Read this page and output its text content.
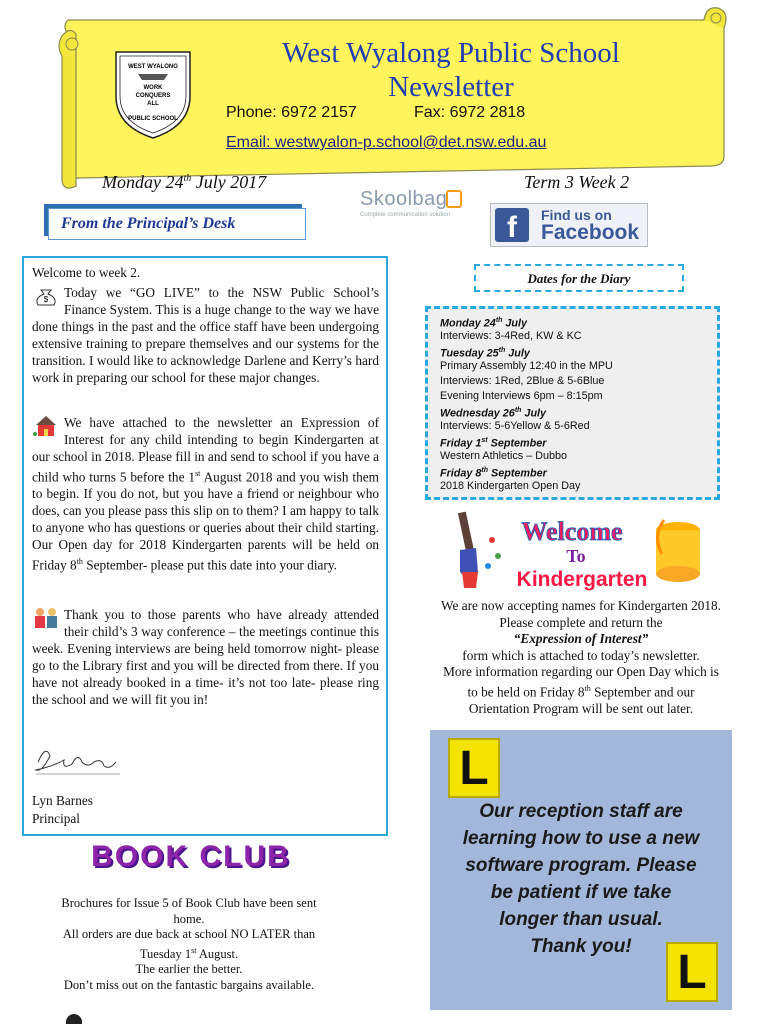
West Wyalong Public School Newsletter
Phone: 6972 2157	Fax: 6972 2818
Email: westwyalon-p.school@det.nsw.edu.au
WEST WYALONG
WORK
CONQUERS
ALL
PUBLIC SCHOOL
Monday 24th July 2017	Term 3 Week 2
Skoolbag
Complete communication solution	f	Find us on
Facebook
From the Principal’s Desk
Welcome to week 2.
$ Today we “GO LIVE” to the NSW Public School’s Finance System. This is a huge change to the way we have done things in the past and the office staff have been undergoing extensive training to prepare themselves and our systems for the transition. I would like to acknowledge Darlene and Kerry’s hard work in preparing our school for these major changes.
We have attached to the newsletter an Expression of Interest for any child intending to begin Kindergarten at our school in 2018. Please fill in and send to school if you have a child who turns 5 before the 1st August 2018 and you wish them to begin. If you do not, but you have a friend or neighbour who does, can you please pass this slip on to them? I am happy to talk to anyone who has questions or queries about their child starting. Our Open day for 2018 Kindergarten parents will be held on Friday 8th September- please put this date into your diary.
Thank you to those parents who have already attended their child’s 3 way conference – the meetings continue this week. Evening interviews are being held tomorrow night- please go to the Library first and you will be directed from there. If you have not already booked in a time- it’s not too late- please ring the school and we will fit you in!
Lyn Barnes
Principal
BOOK CLUB
Brochures for Issue 5 of Book Club have been sent home.
All orders are due back at school NO LATER than Tuesday 1st August.
The earlier the better.
Don’t miss out on the fantastic bargains available.
Dates for the Diary
Monday 24th July
Interviews: 3-4Red, KW & KC
Tuesday 25th July
Primary Assembly 12:40 in the MPU
Interviews: 1Red, 2Blue & 5-6Blue
Evening Interviews 6pm – 8:15pm
Wednesday 26th July
Interviews: 5-6Yellow & 5-6Red
Friday 1st September
Western Athletics – Dubbo
Friday 8th September
2018 Kindergarten Open Day
Welcome
To
Kindergarten
We are now accepting names for Kindergarten 2018.
Please complete and return the
“Expression of Interest”
form which is attached to today’s newsletter.
More information regarding our Open Day which is
to be held on Friday 8th September and our
Orientation Program will be sent out later.
L
Our reception staff are
learning how to use a new
software program. Please
be patient if we take
longer than usual.
Thank you! L
